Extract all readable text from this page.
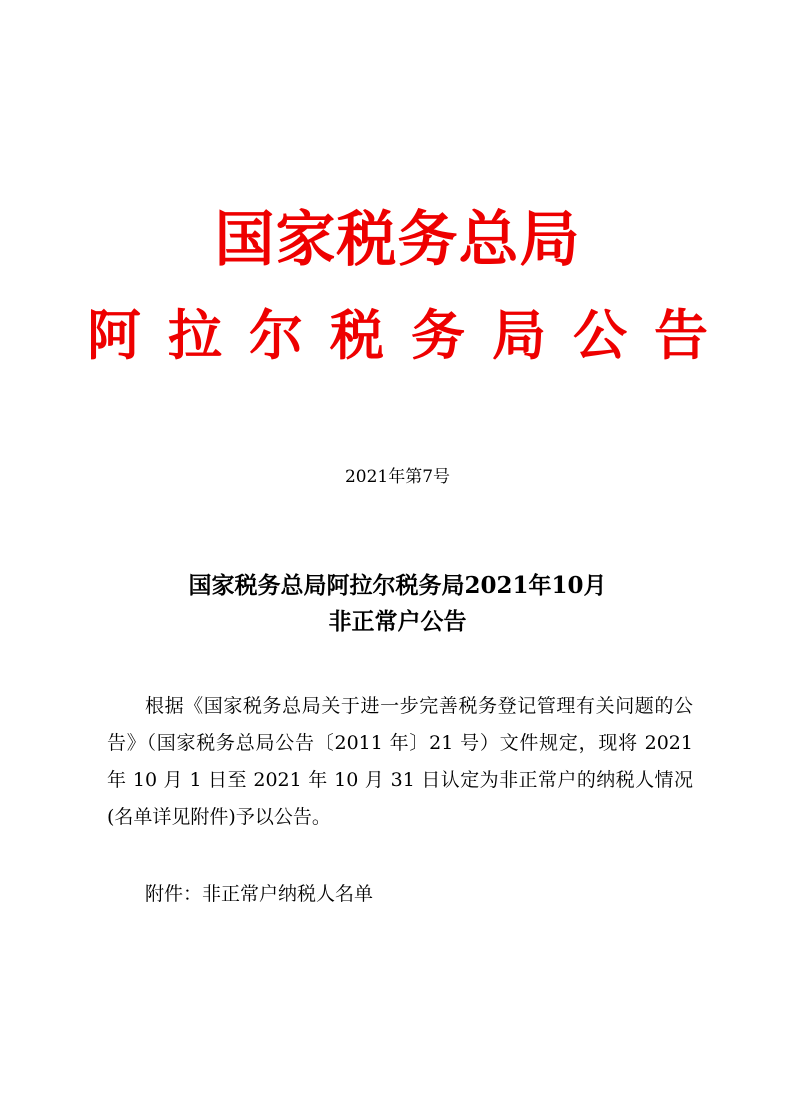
国家税务总局
阿拉尔税务局公告
2021年第7号
国家税务总局阿拉尔税务局2021年10月
非正常户公告
根据《国家税务总局关于进一步完善税务登记管理有关问题的公告》（国家税务总局公告〔2011 年〕21 号）文件规定，现将 2021 年 10 月 1 日至 2021 年 10 月 31 日认定为非正常户的纳税人情况(名单详见附件)予以公告。
附件：非正常户纳税人名单
